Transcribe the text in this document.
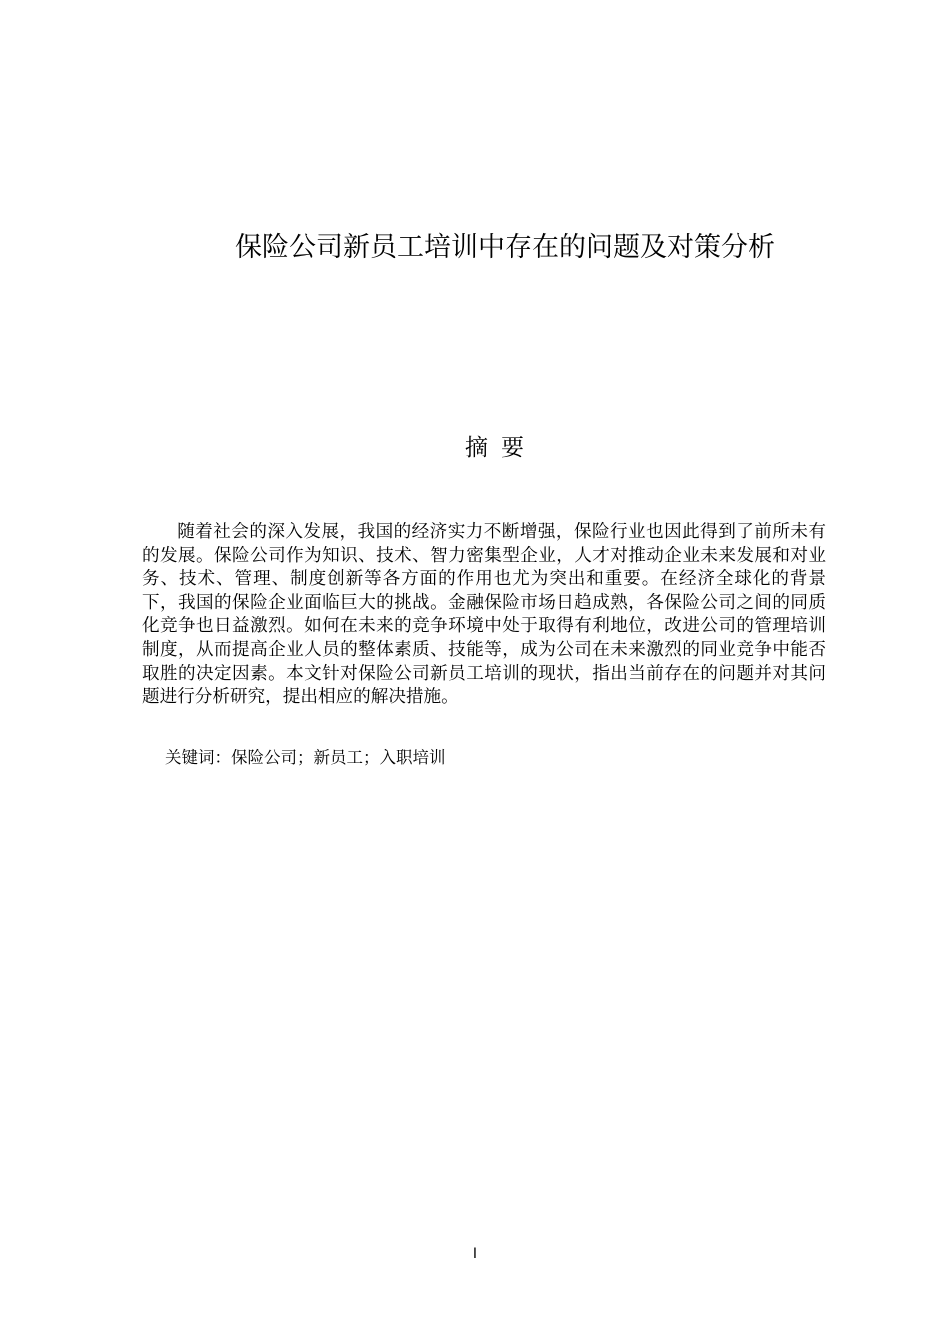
保险公司新员工培训中存在的问题及对策分析
摘要

随着社会的深入发展，我国的经济实力不断增强，保险行业也因此得到了前所未有的发展。保险公司作为知识、技术、智力密集型企业，人才对推动企业未来发展和对业务、技术、管理、制度创新等各方面的作用也尤为突出和重要。在经济全球化的背景下，我国的保险企业面临巨大的挑战。金融保险市场日趋成熟，各保险公司之间的同质化竞争也日益激烈。如何在未来的竞争环境中处于取得有利地位，改进公司的管理培训制度，从而提高企业人员的整体素质、技能等，成为公司在未来激烈的同业竞争中能否取胜的决定因素。本文针对保险公司新员工培训的现状，指出当前存在的问题并对其问题进行分析研究，提出相应的解决措施。

关键词：保险公司；新员工；入职培训
I
